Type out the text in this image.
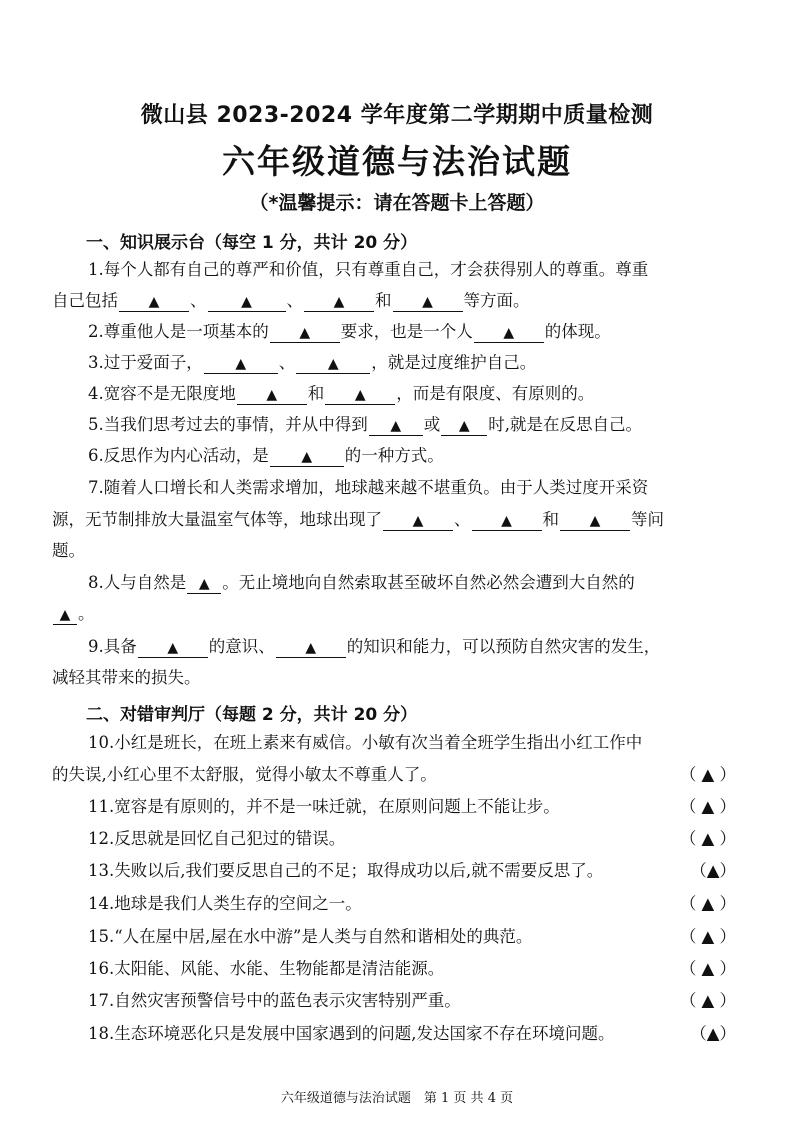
微山县 2023-2024 学年度第二学期期中质量检测
六年级道德与法治试题
（*温馨提示：请在答题卡上答题）
一、知识展示台（每空 1 分，共计 20 分）
1.每个人都有自己的尊严和价值，只有尊重自己，才会获得别人的尊重。尊重
自己包括 ▲ 、 ▲ 、 ▲ 和 ▲ 等方面。
2.尊重他人是一项基本的 ▲ 要求，也是一个人 ▲ 的体现。
3.过于爱面子， ▲ 、 ▲ ，就是过度维护自己。
4.宽容不是无限度地 ▲ 和 ▲ ，而是有限度、有原则的。
5.当我们思考过去的事情，并从中得到 ▲ 或 ▲ 时,就是在反思自己。
6.反思作为内心活动，是 ▲ 的一种方式。
7.随着人口增长和人类需求增加，地球越来越不堪重负。由于人类过度开采资
源，无节制排放大量温室气体等，地球出现了 ▲ 、 ▲ 和 ▲ 等问
题。
8.人与自然是 ▲ 。无止境地向自然索取甚至破坏自然必然会遭到大自然的
▲ 。
9.具备 ▲ 的意识、 ▲ 的知识和能力，可以预防自然灾害的发生，
减轻其带来的损失。
二、对错审判厅（每题 2 分，共计 20 分）
10.小红是班长，在班上素来有威信。小敏有次当着全班学生指出小红工作中
的失误,小红心里不太舒服，觉得小敏太不尊重人了。	（ ▲ ）
11.宽容是有原则的，并不是一味迁就，在原则问题上不能让步。	（ ▲ ）
12.反思就是回忆自己犯过的错误。	（ ▲ ）
13.失败以后,我们要反思自己的不足；取得成功以后,就不需要反思了。	（▲）
14.地球是我们人类生存的空间之一。	（ ▲ ）
15.“人在屋中居,屋在水中游”是人类与自然和谐相处的典范。	（ ▲ ）
16.太阳能、风能、水能、生物能都是清洁能源。	（ ▲ ）
17.自然灾害预警信号中的蓝色表示灾害特别严重。	（ ▲ ）
18.生态环境恶化只是发展中国家遇到的问题,发达国家不存在环境问题。	（▲）
六年级道德与法治试题　第 1 页 共 4 页
